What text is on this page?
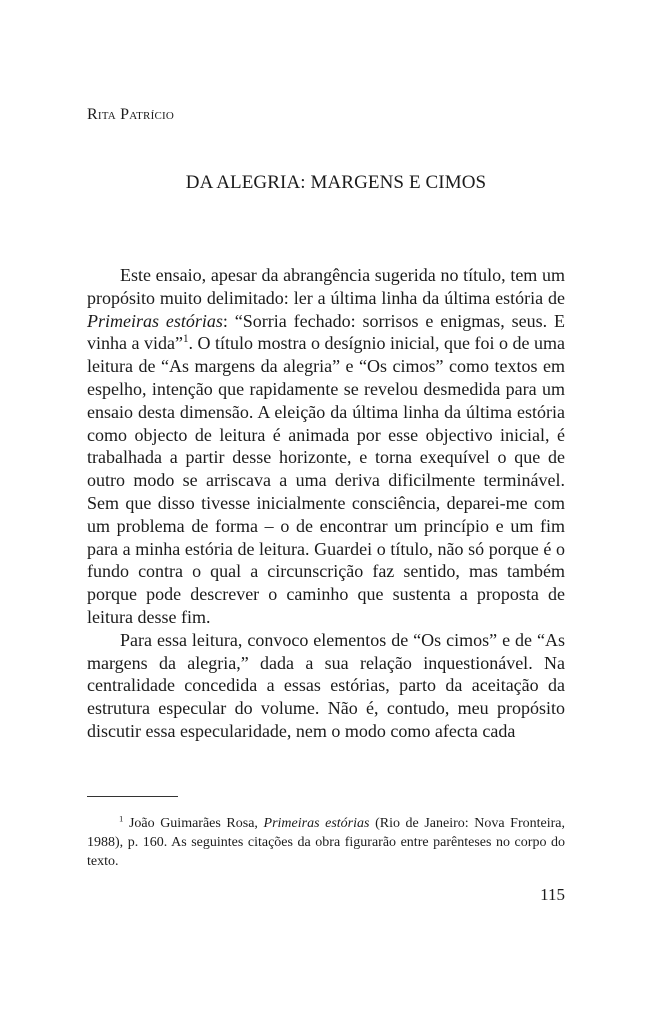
Rita Patrício
DA ALEGRIA: MARGENS E CIMOS

Este ensaio, apesar da abrangência sugerida no título, tem um propósito muito delimitado: ler a última linha da última estória de Primeiras estórias: “Sorria fechado: sorrisos e enigmas, seus. E vinha a vida”$^1$. O título mostra o desígnio inicial, que foi o de uma leitura de “As margens da alegria” e “Os cimos” como textos em espelho, intenção que rapidamente se revelou desmedida para um ensaio desta dimensão. A eleição da última linha da última estória como objecto de leitura é animada por esse objectivo inicial, é trabalhada a partir desse horizonte, e torna exequível o que de outro modo se arriscava a uma deriva dificilmente terminável. Sem que disso tivesse inicialmente consciência, deparei-me com um problema de forma – o de encontrar um princípio e um fim para a minha estória de leitura. Guardei o título, não só porque é o fundo contra o qual a circunscrição faz sentido, mas também porque pode descrever o caminho que sustenta a proposta de leitura desse fim.

Para essa leitura, convoco elementos de “Os cimos” e de “As margens da alegria,” dada a sua relação inquestionável. Na centralidade concedida a essas estórias, parto da aceitação da estrutura especular do volume. Não é, contudo, meu propósito discutir essa especularidade, nem o modo como afecta cada

$^1$ João Guimarães Rosa, Primeiras estórias (Rio de Janeiro: Nova Fronteira, 1988), p. 160. As seguintes citações da obra figurarão entre parênteses no corpo do texto.

115
